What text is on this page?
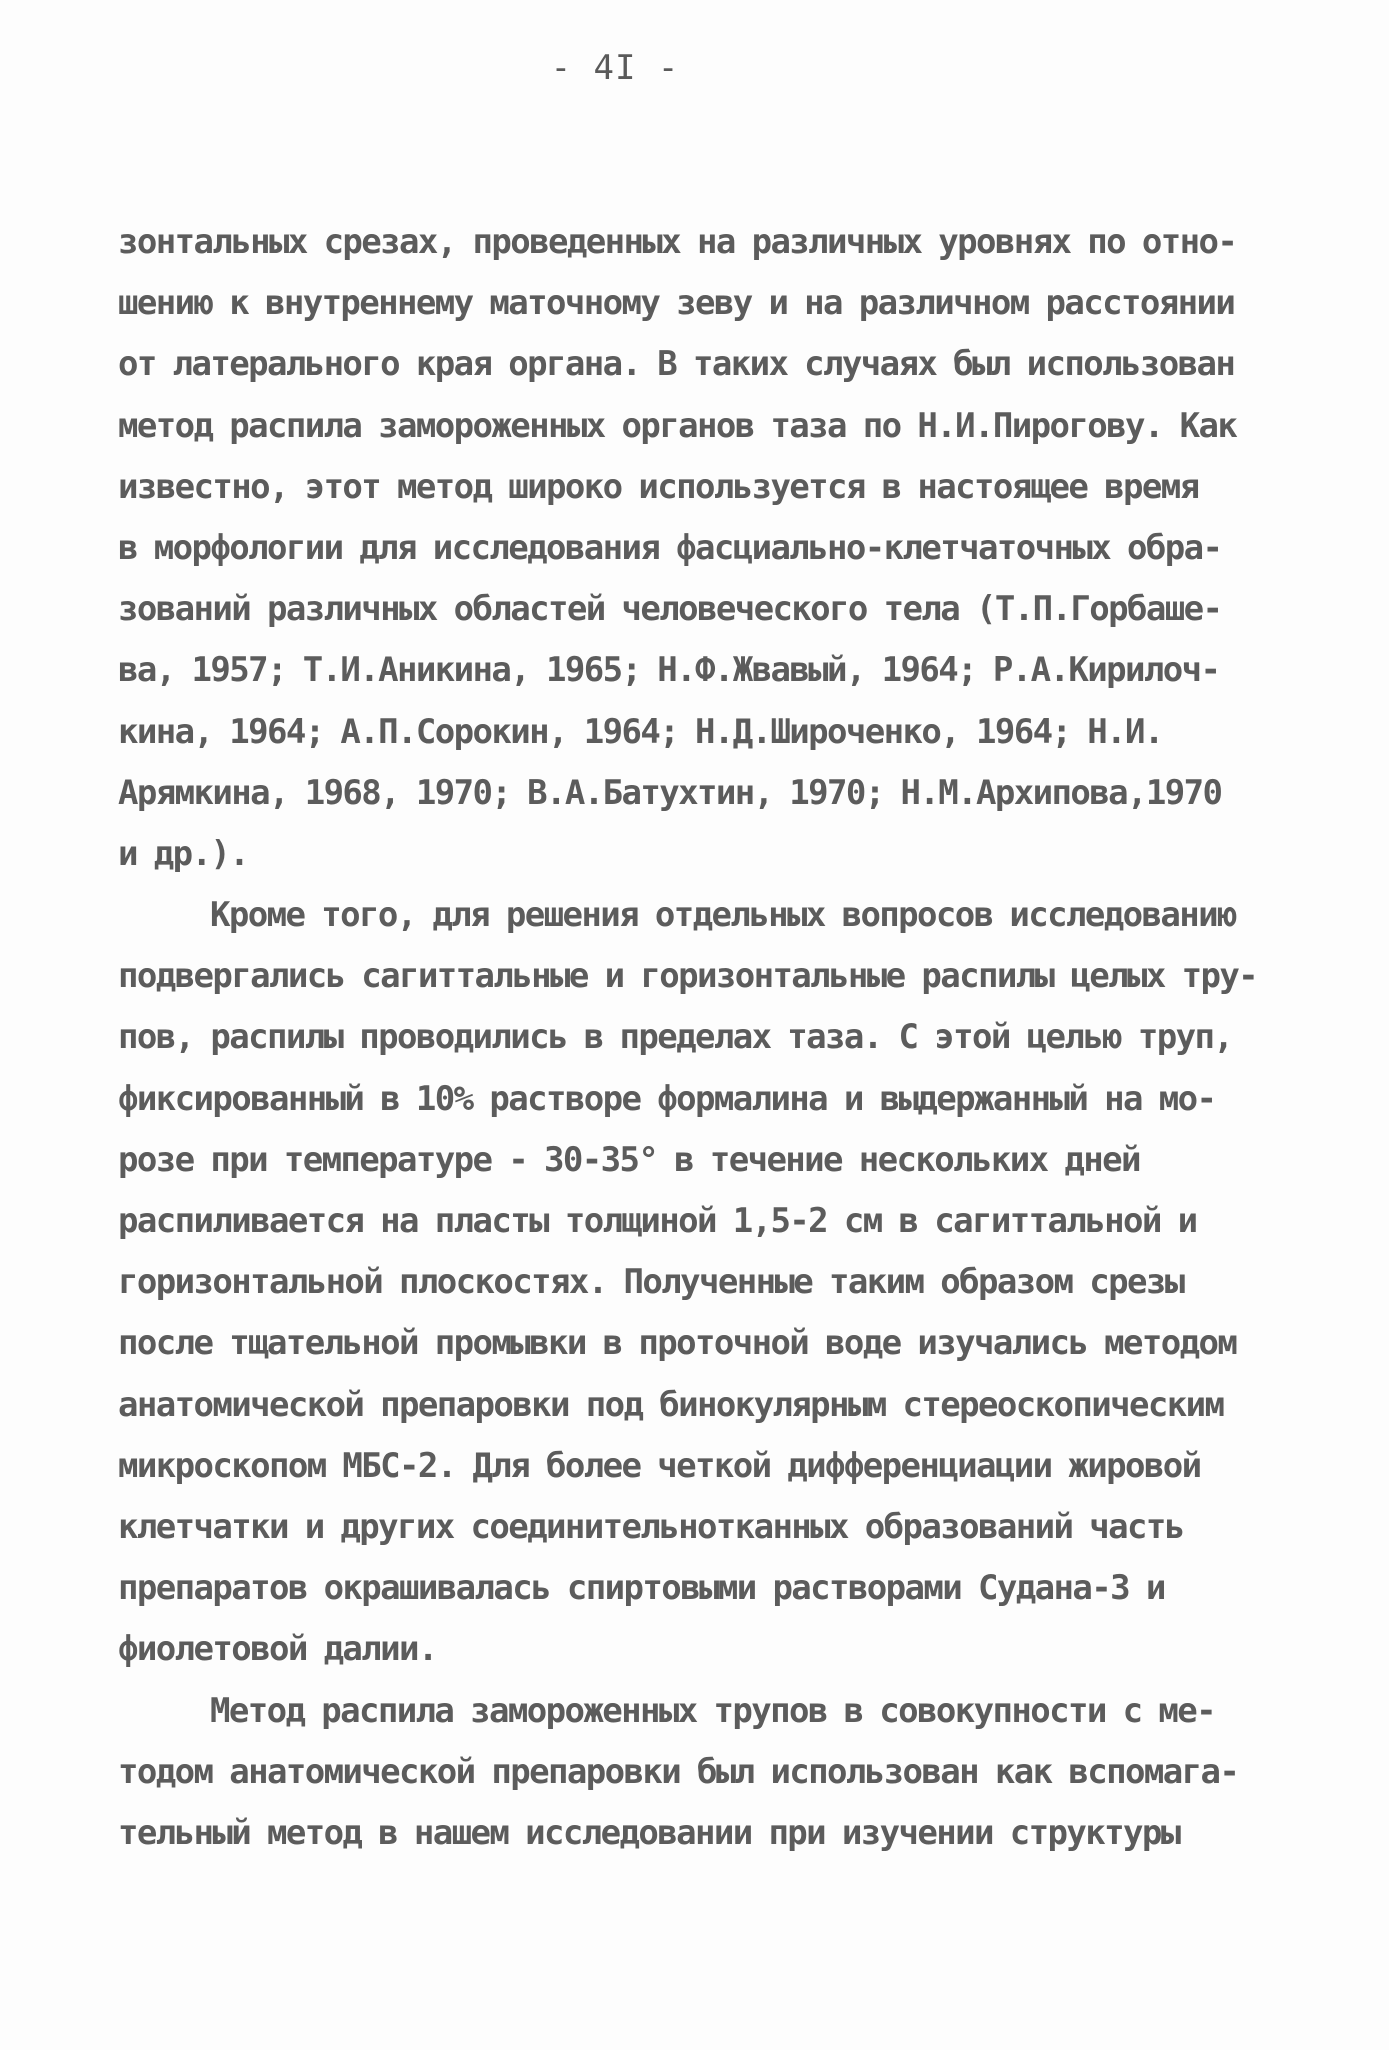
- 4I -
зонтальных срезах, проведенных на различных уровнях по отно-
шению к внутреннему маточному зеву и на различном расстоянии
от латерального края органа. В таких случаях был использован
метод распила замороженных органов таза по Н.И.Пирогову. Как
известно, этот метод широко используется в настоящее время
в морфологии для исследования фасциально-клетчаточных обра-
зований различных областей человеческого тела (Т.П.Горбаше-
ва, 1957; Т.И.Аникина, 1965; Н.Ф.Жвавый, 1964; Р.А.Кирилоч-
кина, 1964; А.П.Сорокин, 1964; Н.Д.Широченко, 1964; Н.И.
Арямкина, 1968, 1970; В.А.Батухтин, 1970; Н.М.Архипова,1970
и др.).
Кроме того, для решения отдельных вопросов исследованию
подвергались сагиттальные и горизонтальные распилы целых тру-
пов, распилы проводились в пределах таза. С этой целью труп,
фиксированный в 10% растворе формалина и выдержанный на мо-
розе при температуре - 30-35° в течение нескольких дней
распиливается на пласты толщиной 1,5-2 см в сагиттальной и
горизонтальной плоскостях. Полученные таким образом срезы
после тщательной промывки в проточной воде изучались методом
анатомической препаровки под бинокулярным стереоскопическим
микроскопом МБС-2. Для более четкой дифференциации жировой
клетчатки и других соединительнотканных образований часть
препаратов окрашивалась спиртовыми растворами Судана-3 и
фиолетовой далии.
Метод распила замороженных трупов в совокупности с ме-
тодом анатомической препаровки был использован как вспомага-
тельный метод в нашем исследовании при изучении структуры
